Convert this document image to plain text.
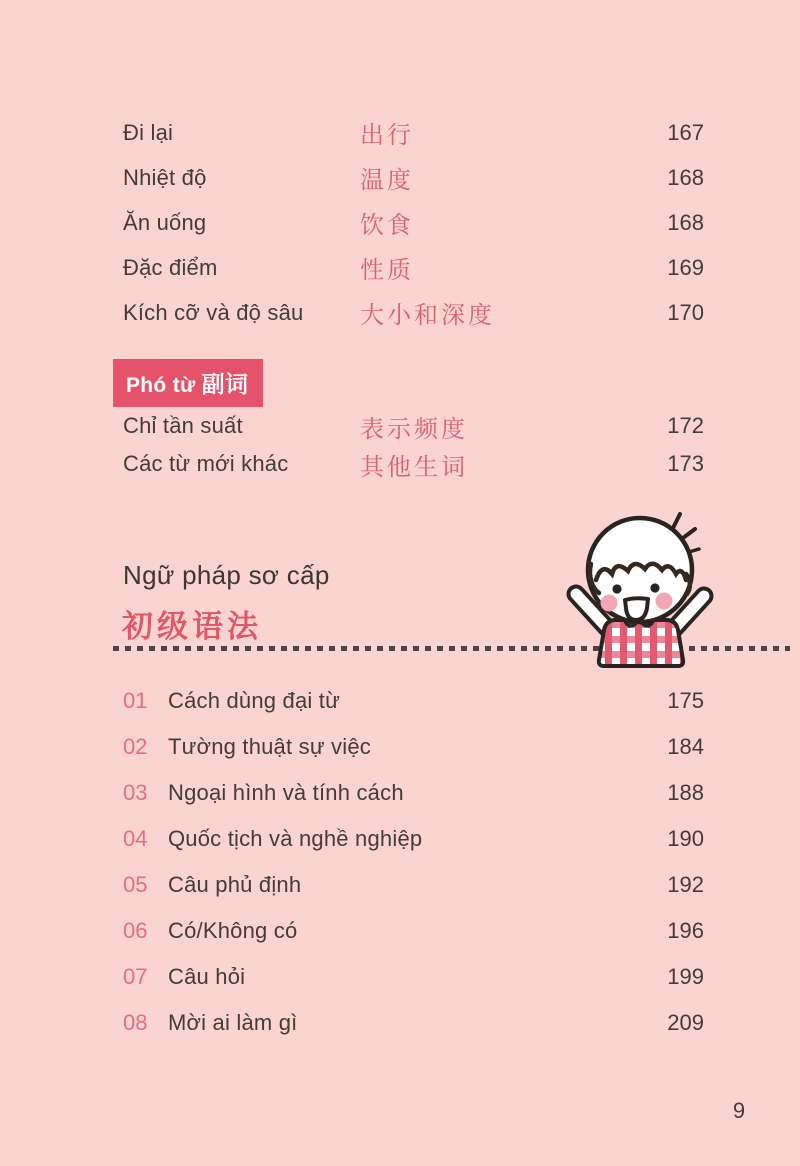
Đi lại	出行	167
Nhiệt độ	温度	168
Ăn uống	饮食	168
Đặc điểm	性质	169
Kích cỡ và độ sâu	大小和深度	170
Phó từ 副词
Chỉ tần suất	表示频度	172
Các từ mới khác	其他生词	173
Ngữ pháp sơ cấp
初级语法
01 Cách dùng đại từ	175
02 Tường thuật sự việc	184
03 Ngoại hình và tính cách	188
04 Quốc tịch và nghề nghiệp	190
05 Câu phủ định	192
06 Có/Không có	196
07 Câu hỏi	199
08 Mời ai làm gì	209
9
